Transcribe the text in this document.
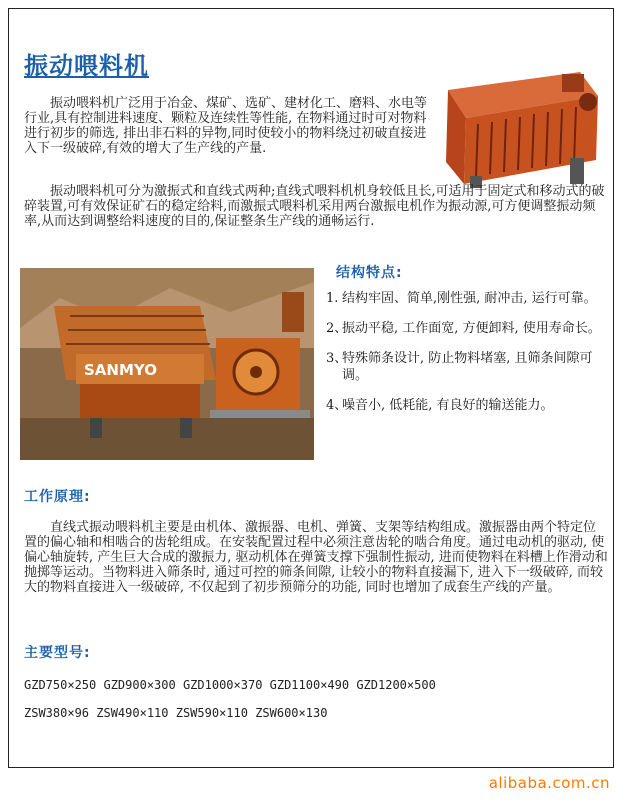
振动喂料机

振动喂料机广泛用于冶金、煤矿、选矿、建材化工、磨料、水电等行业,具有控制进料速度、颗粒及连续性等性能, 在物料通过时可对物料进行初步的筛选, 排出非石料的异物,同时使较小的物料绕过初破直接进入下一级破碎,有效的增大了生产线的产量.

振动喂料机可分为激振式和直线式两种;直线式喂料机机身较低且长,可适用于固定式和移动式的破碎装置,可有效保证矿石的稳定给料,而激振式喂料机采用两台激振电机作为振动源,可方便调整振动频率,从而达到调整给料速度的目的,保证整条生产线的通畅运行.

SANMYO
结构特点:
1. 结构牢固、简单,刚性强, 耐冲击, 运行可靠。
2、
振动平稳, 工作面宽, 方便卸料, 使用寿命长。
3、
特殊筛条设计, 防止物料堵塞, 且筛条间隙可调。
4、
噪音小, 低耗能, 有良好的输送能力。
工作原理:

直线式振动喂料机主要是由机体、激振器、电机、弹簧、支架等结构组成。激振器由两个特定位置的偏心轴和相啮合的齿轮组成。在安装配置过程中必须注意齿轮的啮合角度。通过电动机的驱动, 使偏心轴旋转, 产生巨大合成的激振力, 驱动机体在弹簧支撑下强制性振动, 进而使物料在料槽上作滑动和抛掷等运动。当物料进入筛条时, 通过可控的筛条间隙, 让较小的物料直接漏下, 进入下一级破碎, 而较大的物料直接进入一级破碎, 不仅起到了初步预筛分的功能, 同时也增加了成套生产线的产量。

主要型号:

GZD750×250 GZD900×300 GZD1000×370 GZD1100×490 GZD1200×500

ZSW380×96 ZSW490×110 ZSW590×110 ZSW600×130

alibaba.com.cn
